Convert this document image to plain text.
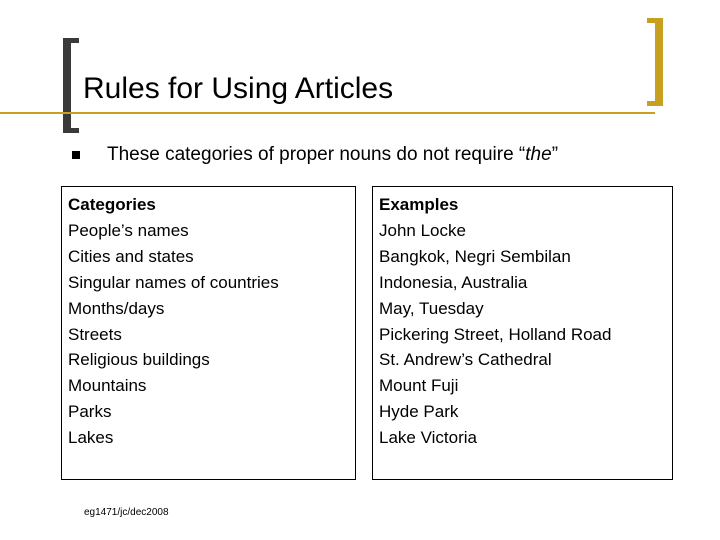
Rules for Using Articles
These categories of proper nouns do not require “the”
Categories
People’s names
Cities and states
Singular names of countries
Months/days
Streets
Religious buildings
Mountains
Parks
Lakes
Examples
John Locke
Bangkok, Negri Sembilan
Indonesia, Australia
May, Tuesday
Pickering Street, Holland Road
St. Andrew’s Cathedral
Mount Fuji
Hyde Park
Lake Victoria
eg1471/jc/dec2008
